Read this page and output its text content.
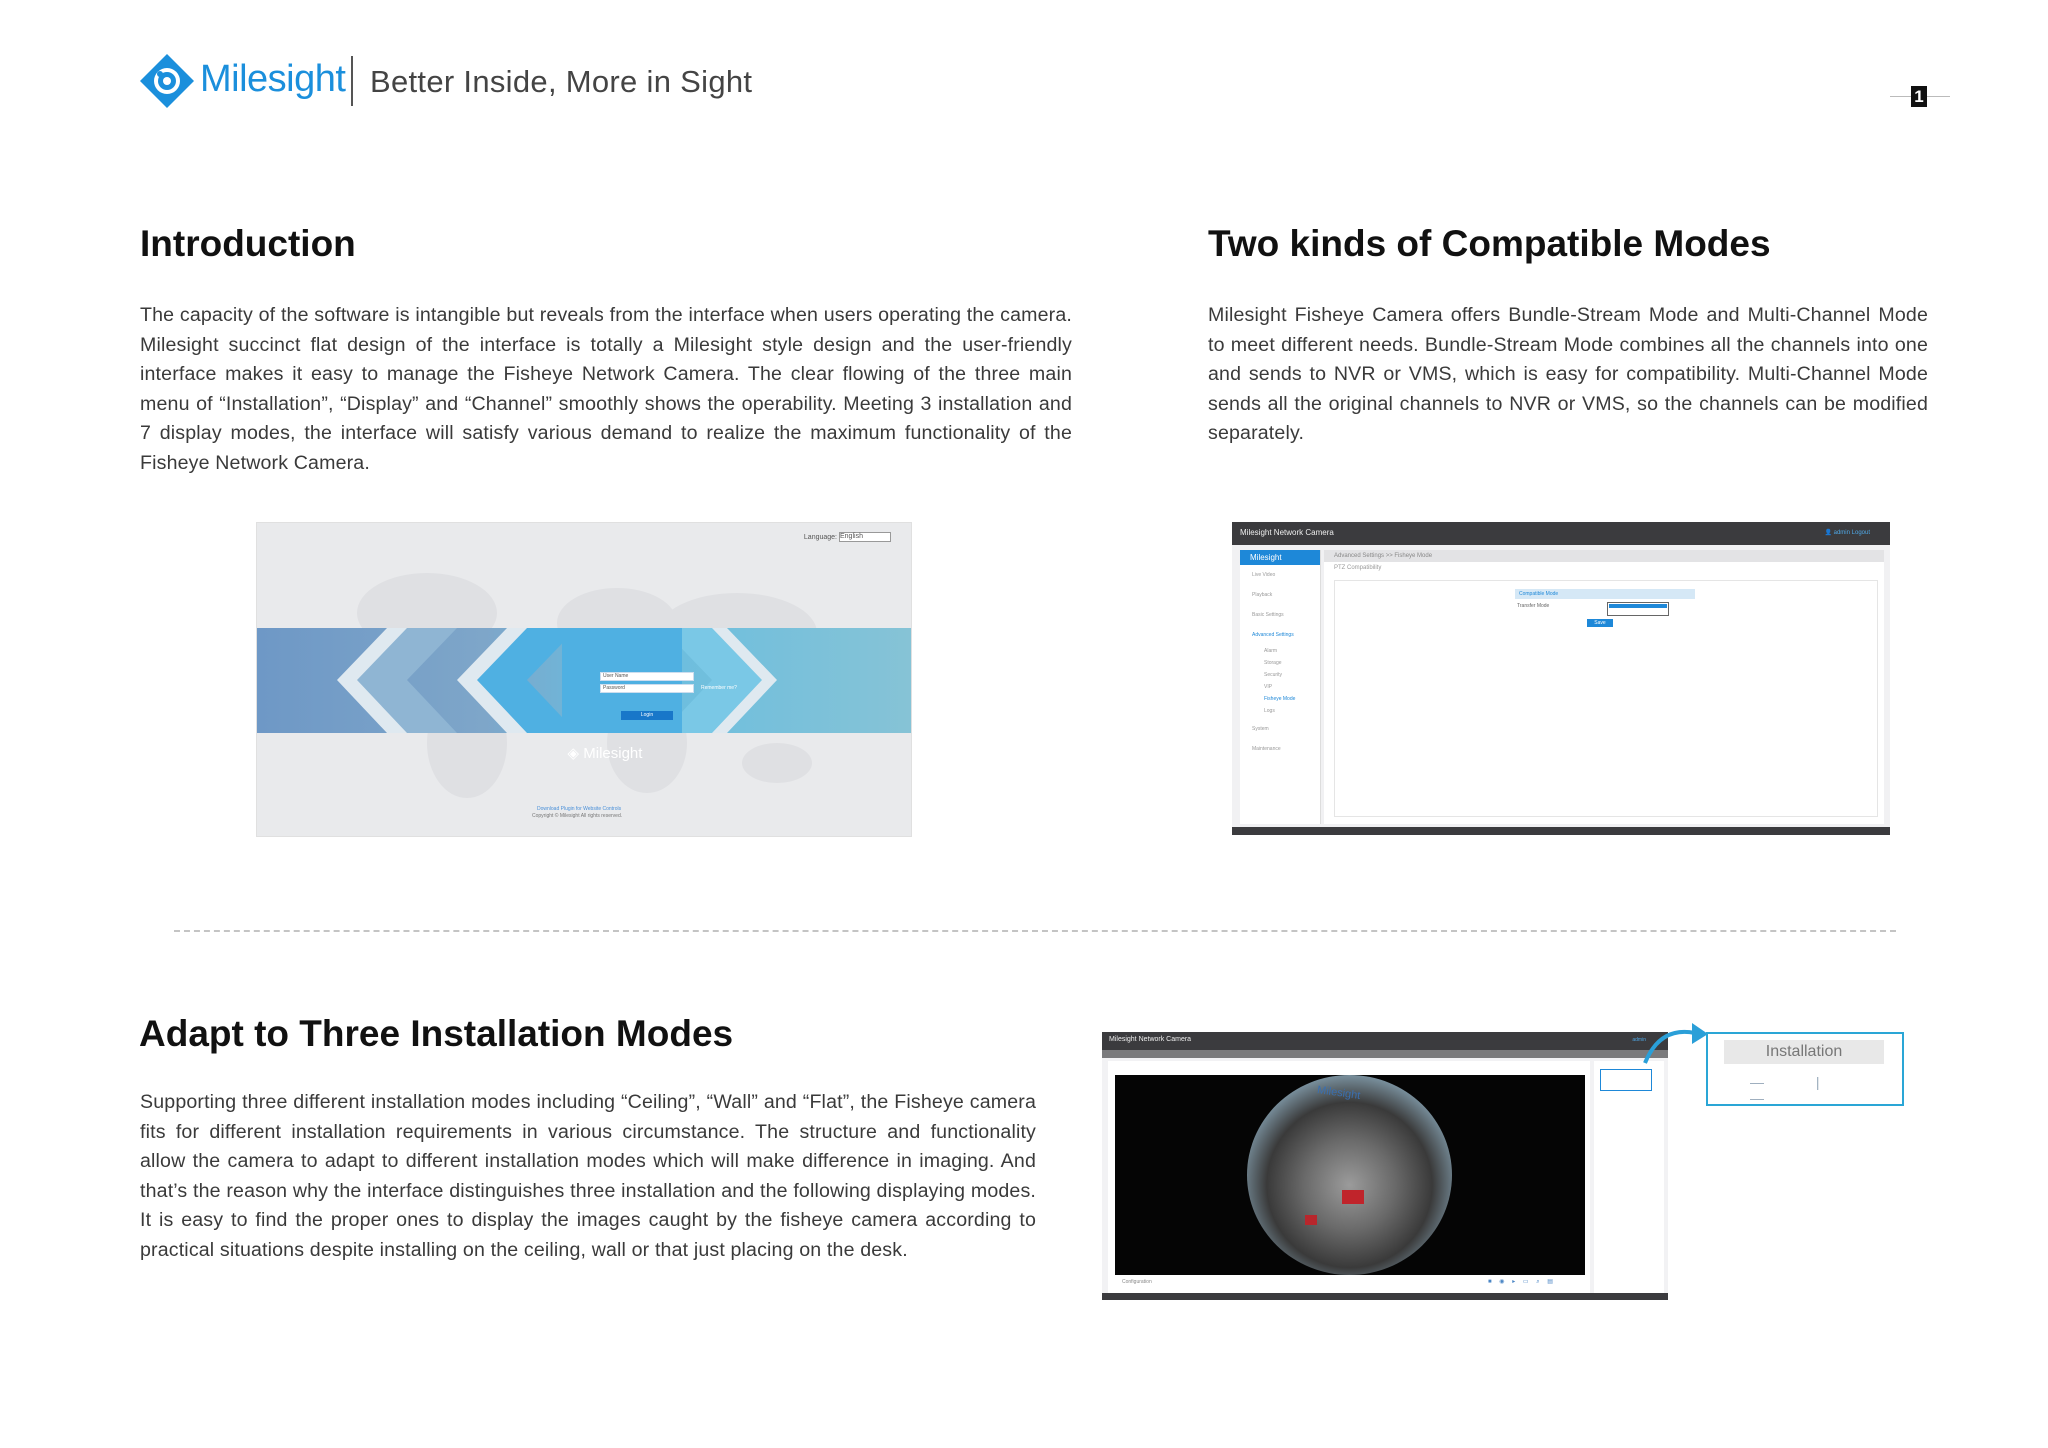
Milesight Better Inside, More in Sight	1
Introduction

The capacity of the software is intangible but reveals from the interface when users operating the camera. Milesight succinct flat design of the interface is totally a Milesight style design and the user-friendly interface makes it easy to manage the Fisheye Network Camera. The clear flowing of the three main menu of “Installation”, “Display” and “Channel” smoothly shows the operability. Meeting 3 installation and 7 display modes, the interface will satisfy various demand to realize the maximum functionality of the Fisheye Network Camera.

Two kinds of Compatible Modes

Milesight Fisheye Camera offers Bundle-Stream Mode and Multi-Channel Mode to meet different needs. Bundle-Stream Mode combines all the channels into one and sends to NVR or VMS, which is easy for compatibility. Multi-Channel Mode sends all the original channels to NVR or VMS, so the channels can be modified separately.

Language: English
◈ Milesight
User Name
Password	Remember me?
Login
Download Plugin for Website Controls
Copyright © Milesight All rights reserved.
Milesight Network Camera	👤 admin Logout
Milesight
Live Video
Playback
Basic Settings
Advanced Settings
Alarm
Storage
Security
VIP
Fisheye Mode
Logs
System
Maintenance
Advanced Settings >> Fisheye Mode
PTZ Compatibility
Compatible Mode
Transfer Mode
Save
Adapt to Three Installation Modes

Supporting three different installation modes including “Ceiling”, “Wall” and “Flat”, the Fisheye camera fits for different installation requirements in various circumstance. The structure and functionality allow the camera to adapt to different installation modes which will make difference in imaging. And that’s the reason why the interface distinguishes three installation and the following displaying modes. It is easy to find the proper ones to display the images caught by the fisheye camera according to practical situations despite installing on the ceiling, wall or that just placing on the desk.

Milesight Network Camera	admin
Milesight
Configuration	■ ◉ ▸ ▭ ⌕ ▤
Installation
— | —
